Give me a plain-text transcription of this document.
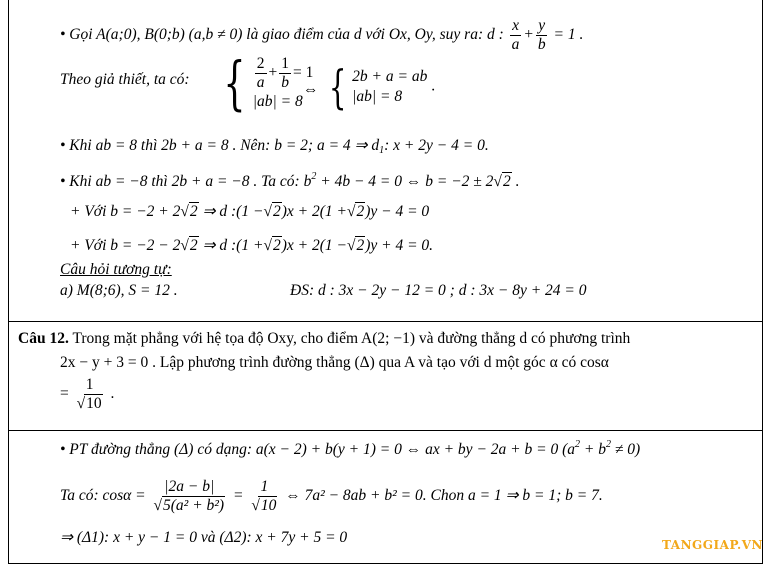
• Gọi A(a;0), B(0;b) (a,b ≠ 0) là giao điểm của d với Ox, Oy, suy ra: d : $\frac{x}{a} + \frac{y}{b} = 1$ .
Theo giả thiết, ta có: { $\frac{2}{a} + \frac{1}{b} = 1$
|ab| = 8
⇔ { 2b + a = ab
|ab| = 8
.
• Khi ab = 8 thì 2b + a = 8 . Nên: b = 2; a = 4 ⇒ $d_1$: x + 2y − 4 = 0.
• Khi ab = −8 thì 2b + a = −8 . Ta có: $b^2 + 4b - 4 = 0$ ⇔ b = −2 ± 2√2 .
+ Với b = −2 + 2√2 ⇒ d :(1 −√2)x + 2(1 +√2)y − 4 = 0
+ Với b = −2 − 2√2 ⇒ d :(1 +√2)x + 2(1 −√2)y + 4 = 0.
Câu hỏi tương tự:
a) M(8;6), S = 12 .	ĐS: d : 3x − 2y − 12 = 0 ; d : 3x − 8y + 24 = 0
Câu 12. Trong mặt phẳng với hệ tọa độ Oxy, cho điểm A(2; −1) và đường thẳng d có phương trình
2x − y + 3 = 0 . Lập phương trình đường thẳng (Δ) qua A và tạo với d một góc α có cosα
= $\frac{1}{√10}$ .
• PT đường thẳng (Δ) có dạng: a(x − 2) + b(y + 1) = 0 ⇔ ax + by − 2a + b = 0 $(a^2 + b^2 \ne 0)$
Ta có: $\cos\alpha = \frac{|2a - b|}{\text{√5(a² + b²)}} = \frac{1}{√10}$ ⇔ 7a² − 8ab + b² = 0. Chon a = 1 ⇒ b = 1; b = 7.
⇒ (Δ1): x + y − 1 = 0 và (Δ2): x + 7y + 5 = 0	TANGGIAP.VN
